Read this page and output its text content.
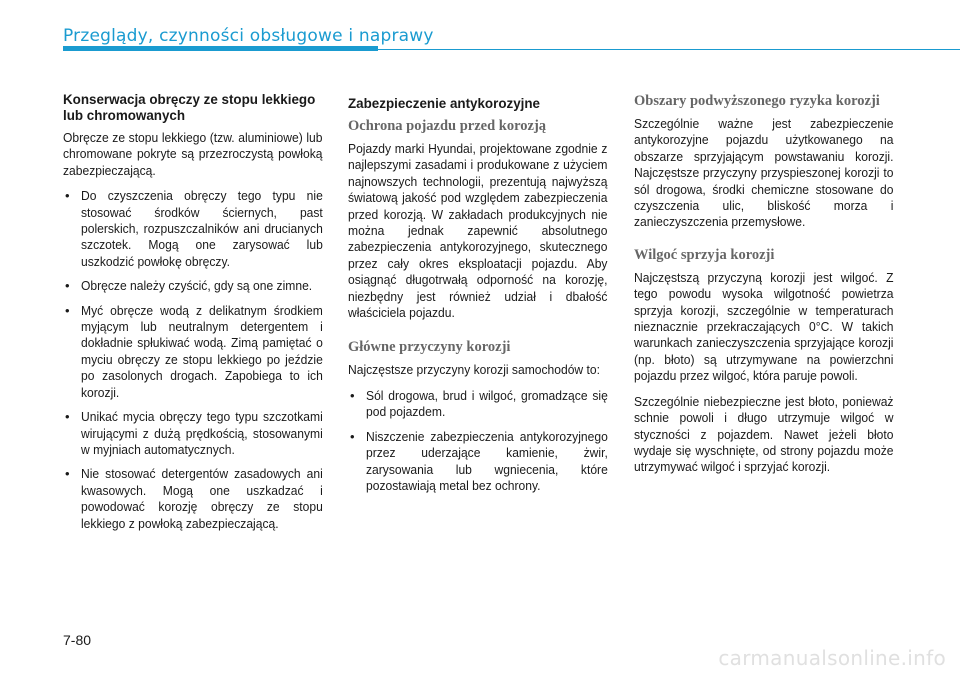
Przeglądy, czynności obsługowe i naprawy
Konserwacja obręczy ze stopu lekkiego lub chromowanych

Obręcze ze stopu lekkiego (tzw. aluminiowe) lub chromowane pokryte są przezroczystą powłoką zabezpieczającą.

• Do czyszczenia obręczy tego typu nie stosować środków ściernych, past polerskich, rozpuszczalników ani drucianych szczotek. Mogą one zarysować lub uszkodzić powłokę obręczy.
• Obręcze należy czyścić, gdy są one zimne.
• Myć obręcze wodą z delikatnym środkiem myjącym lub neutralnym detergentem i dokładnie spłukiwać wodą. Zimą pamiętać o myciu obręczy ze stopu lekkiego po jeździe po zasolonych drogach. Zapobiega to ich korozji.
• Unikać mycia obręczy tego typu szczotkami wirującymi z dużą prędkością, stosowanymi w myjniach automatycznych.
• Nie stosować detergentów zasadowych ani kwasowych. Mogą one uszkadzać i powodować korozję obręczy ze stopu lekkiego z powłoką zabezpieczającą.
Zabezpieczenie antykorozyjne
Ochrona pojazdu przed korozją

Pojazdy marki Hyundai, projektowane zgodnie z najlepszymi zasadami i produkowane z użyciem najnowszych technologii, prezentują najwyższą światową jakość pod względem zabezpieczenia przed korozją. W zakładach produkcyjnych nie można jednak zapewnić absolutnego zabezpieczenia antykorozyjnego, skutecznego przez cały okres eksploatacji pojazdu. Aby osiągnąć długotrwałą odporność na korozję, niezbędny jest również udział i dbałość właściciela pojazdu.

Główne przyczyny korozji

Najczęstsze przyczyny korozji samochodów to:

• Sól drogowa, brud i wilgoć, gromadzące się pod pojazdem.
• Niszczenie zabezpieczenia antykorozyjnego przez uderzające kamienie, żwir, zarysowania lub wgniecenia, które pozostawiają metal bez ochrony.
Obszary podwyższonego ryzyka korozji

Szczególnie ważne jest zabezpieczenie antykorozyjne pojazdu użytkowanego na obszarze sprzyjającym powstawaniu korozji. Najczęstsze przyczyny przyspieszonej korozji to sól drogowa, środki chemiczne stosowane do czyszczenia ulic, bliskość morza i zanieczyszczenia przemysłowe.

Wilgoć sprzyja korozji

Najczęstszą przyczyną korozji jest wilgoć. Z tego powodu wysoka wilgotność powietrza sprzyja korozji, szczególnie w temperaturach nieznacznie przekraczających 0°C. W takich warunkach zanieczyszczenia sprzyjające korozji (np. błoto) są utrzymywane na powierzchni pojazdu przez wilgoć, która paruje powoli.

Szczególnie niebezpieczne jest błoto, ponieważ schnie powoli i długo utrzymuje wilgoć w styczności z pojazdem. Nawet jeżeli błoto wydaje się wyschnięte, od strony pojazdu może utrzymywać wilgoć i sprzyjać korozji.

7-80
carmanualsonline.info
